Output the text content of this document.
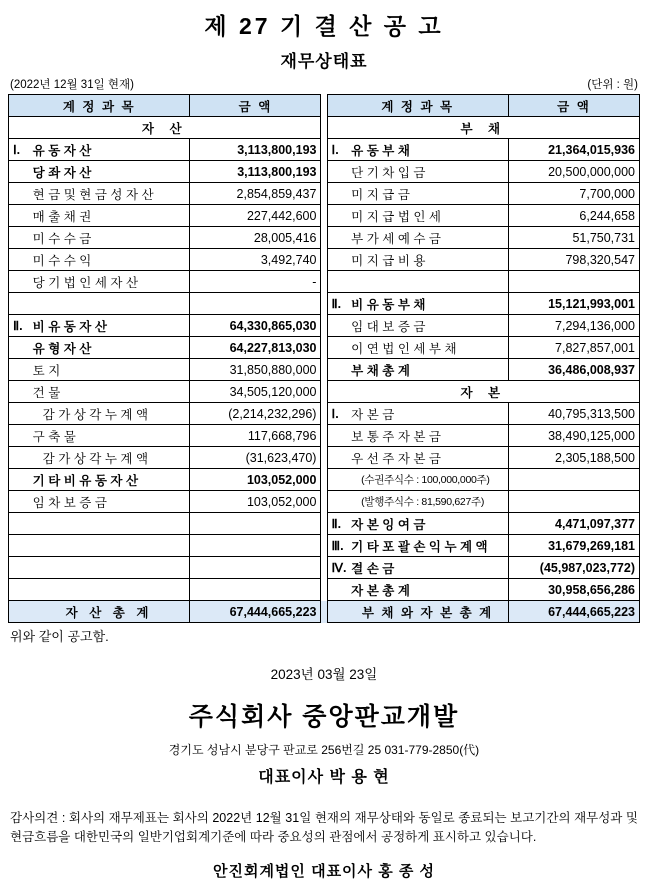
제 27 기 결 산 공 고
재무상태표
(2022년 12월 31일 현재)	(단위 : 원)
계 정 과 목		금 액		계 정 과 목		금 액
자 산				부 채		
Ⅰ.	유 동 자 산	3,113,800,193		Ⅰ.	유 동 부 채	21,364,015,936

	당 좌 자 산	3,113,800,193			단 기 차 입 금	20,500,000,000

	현 금 및 현 금 성 자 산	2,854,859,437			미 지 급 금	7,700,000

	매 출 채 권	227,442,600			미 지 급 법 인 세	6,244,658

	미 수 수 금	28,005,416			부 가 세 예 수 금	51,750,731

	미 수 수 익	3,492,740			미 지 급 비 용	798,320,547

	당 기 법 인 세 자 산	-				
				Ⅱ.	비 유 동 부 채	15,121,993,001
Ⅱ.	비 유 동 자 산	64,330,865,030			임 대 보 증 금	7,294,136,000

	유 형 자 산	64,227,813,030			이 연 법 인 세 부 채	7,827,857,001

	토 지	31,850,880,000			부 채 총 계	36,486,008,937

	건 물	34,505,120,000		자 본		

	감 가 상 각 누 계 액	(2,214,232,296)		Ⅰ.	자 본 금	40,795,313,500

	구 축 물	117,668,796			보 통 주 자 본 금	38,490,125,000

	감 가 상 각 누 계 액	(31,623,470)			우 선 주 자 본 금	2,305,188,500

	기 타 비 유 동 자 산	103,052,000			(수권주식수 : 100,000,000주)	

	임 차 보 증 금	103,052,000			(발행주식수 : 81,590,627주)	

				Ⅱ.	자 본 잉 여 금	4,471,097,377
				Ⅲ.	기 타 포 괄 손 익 누 계 액	31,679,269,181
				Ⅳ.	결 손 금	(45,987,023,772)

					자 본 총 계	30,958,656,286
	자 산 총 계	67,444,665,223			부 채 와 자 본 총 계	67,444,665,223
위와 같이 공고함.
2023년 03월 23일
주식회사 중앙판교개발
경기도 성남시 분당구 판교로 256번길 25 031-779-2850(代)
대표이사 박 용 현
감사의견 : 회사의 재무제표는 회사의 2022년 12월 31일 현재의 재무상태와 동일로 종료되는 보고기간의 재무성과 및 현금흐름을 대한민국의 일반기업회계기준에 따라 중요성의 관점에서 공정하게 표시하고 있습니다.
안진회계법인 대표이사 홍 종 성
